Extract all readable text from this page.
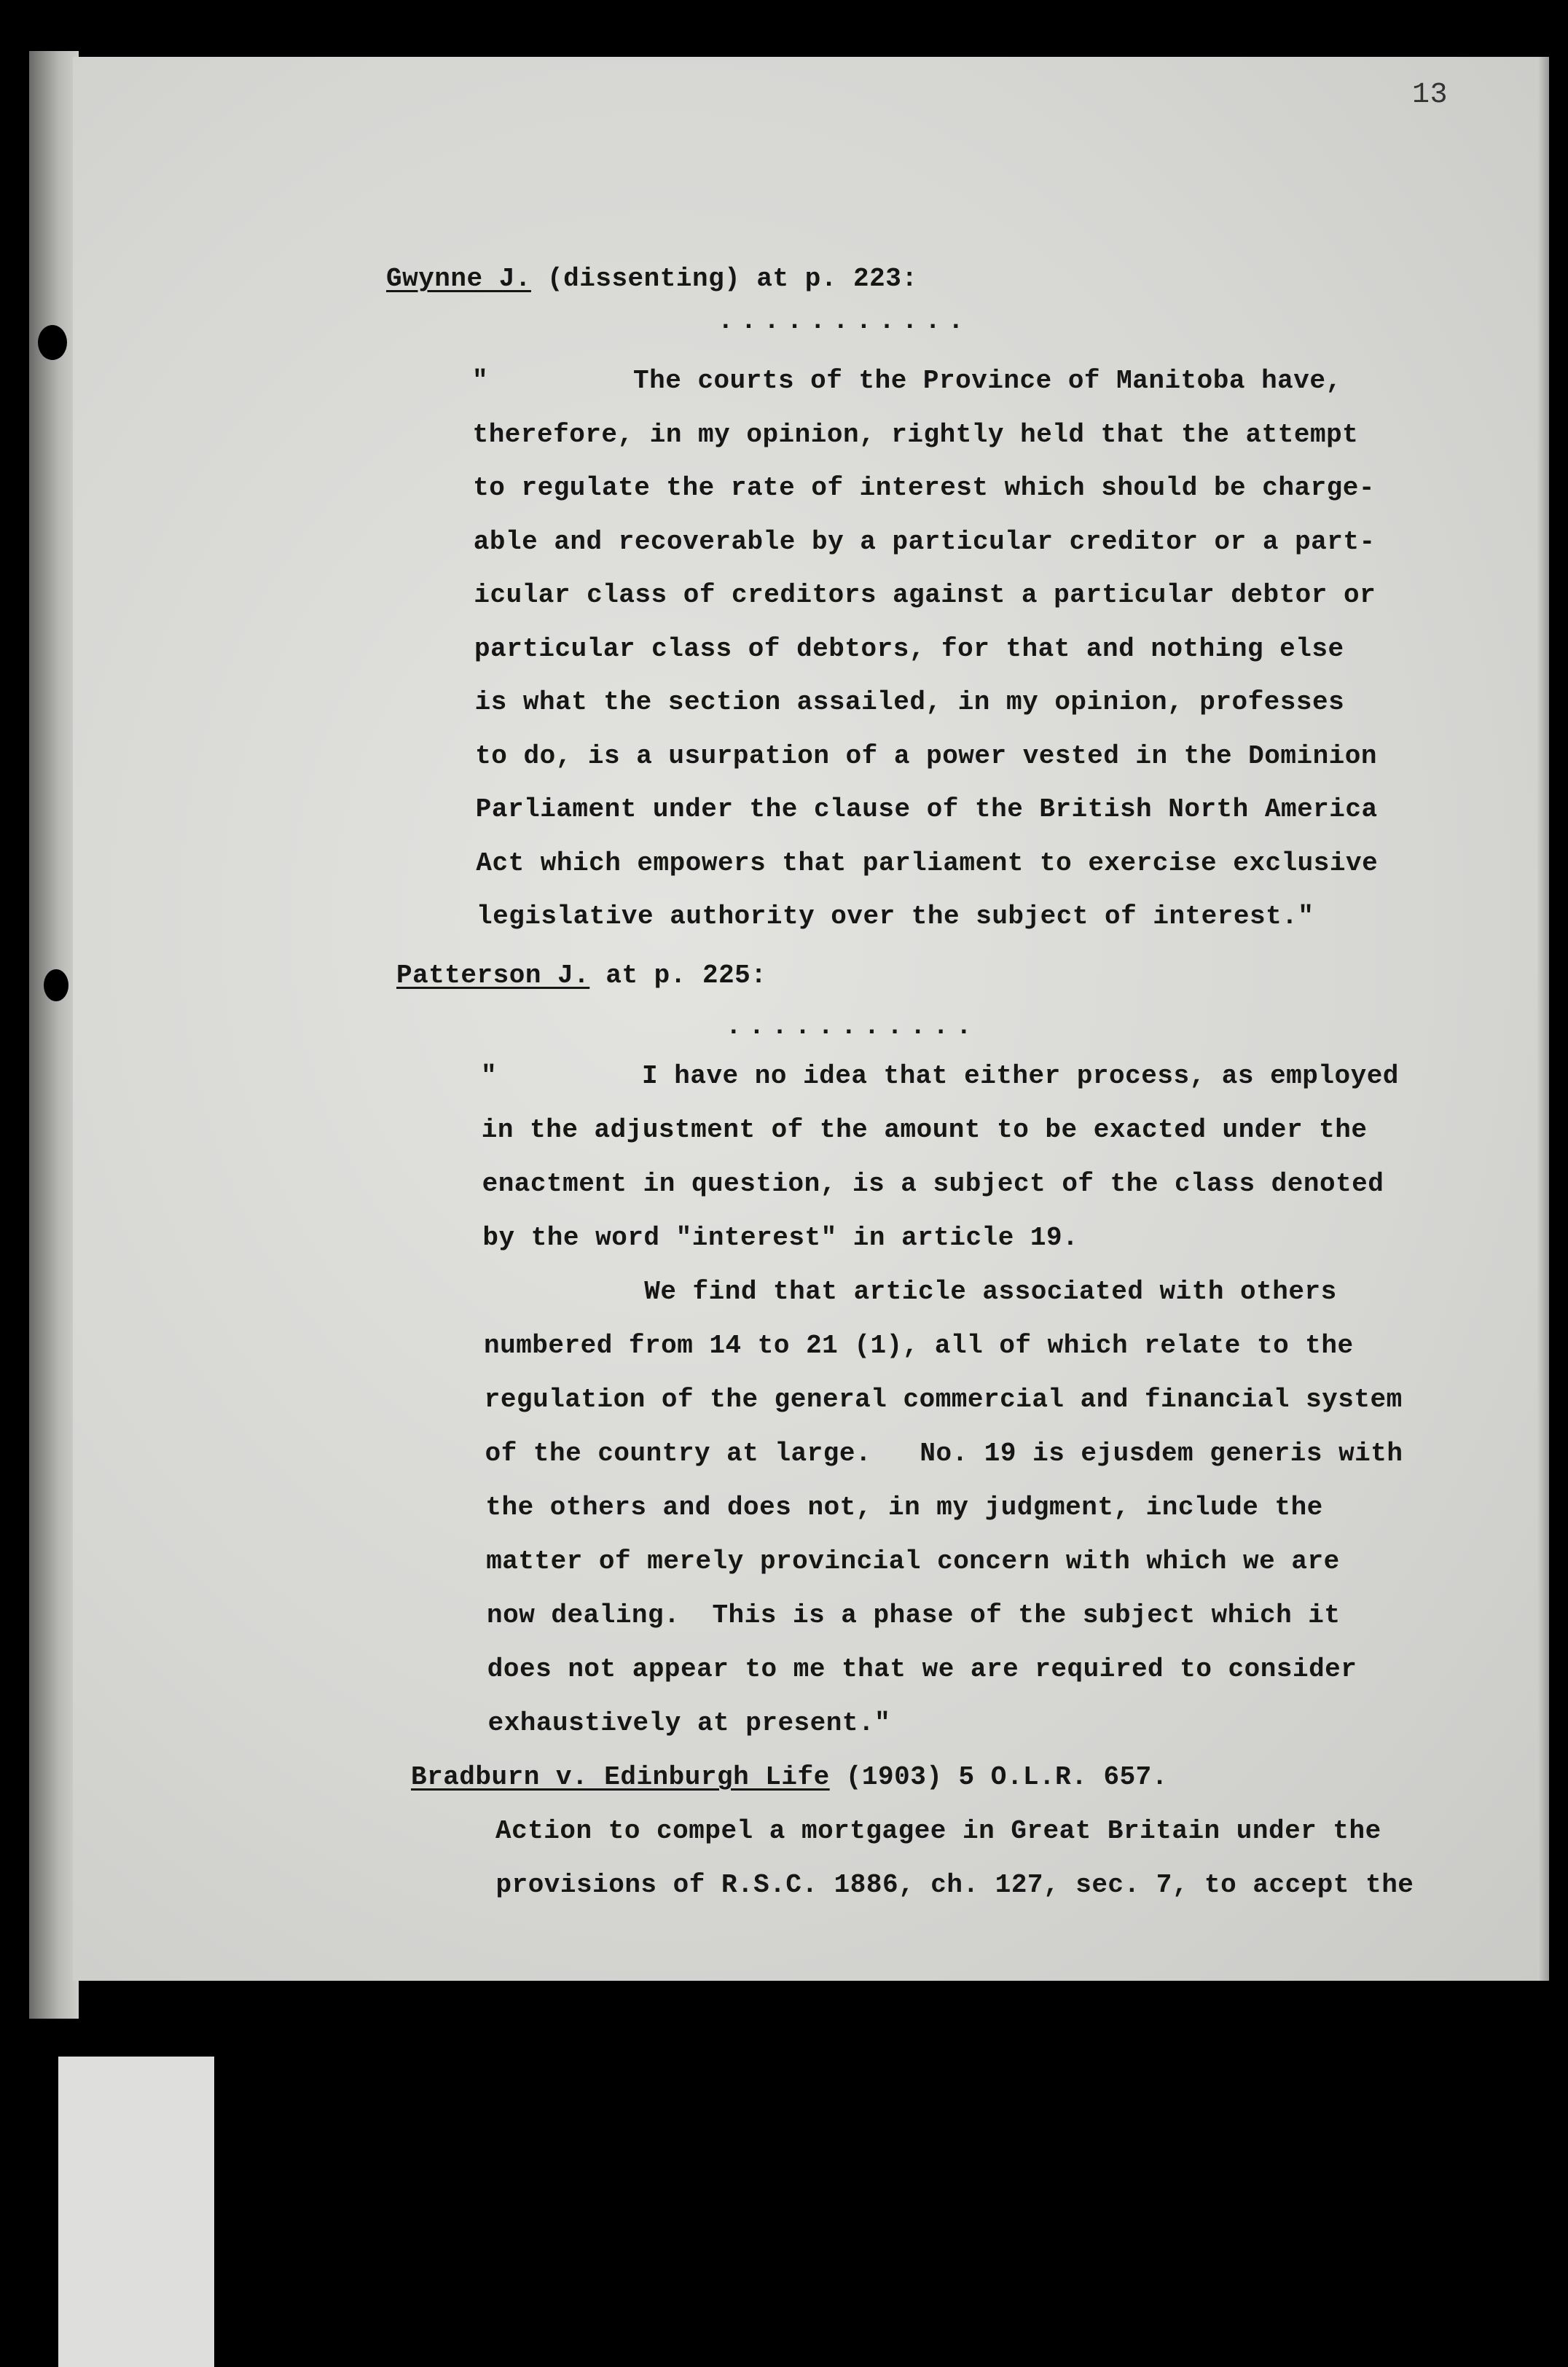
13
Gwynne J. (dissenting) at p. 223:
...........
"         The courts of the Province of Manitoba have,
therefore, in my opinion, rightly held that the attempt
to regulate the rate of interest which should be charge-
able and recoverable by a particular creditor or a part-
icular class of creditors against a particular debtor or
particular class of debtors, for that and nothing else
is what the section assailed, in my opinion, professes
to do, is a usurpation of a power vested in the Dominion
Parliament under the clause of the British North America
Act which empowers that parliament to exercise exclusive
legislative authority over the subject of interest."
Patterson J. at p. 225:
...........
"         I have no idea that either process, as employed
in the adjustment of the amount to be exacted under the
enactment in question, is a subject of the class denoted
by the word "interest" in article 19.
We find that article associated with others
numbered from 14 to 21 (1), all of which relate to the
regulation of the general commercial and financial system
of the country at large.   No. 19 is ejusdem generis with
the others and does not, in my judgment, include the
matter of merely provincial concern with which we are
now dealing.  This is a phase of the subject which it
does not appear to me that we are required to consider
exhaustively at present."
Bradburn v. Edinburgh Life (1903) 5 O.L.R. 657.
Action to compel a mortgagee in Great Britain under the
provisions of R.S.C. 1886, ch. 127, sec. 7, to accept the
